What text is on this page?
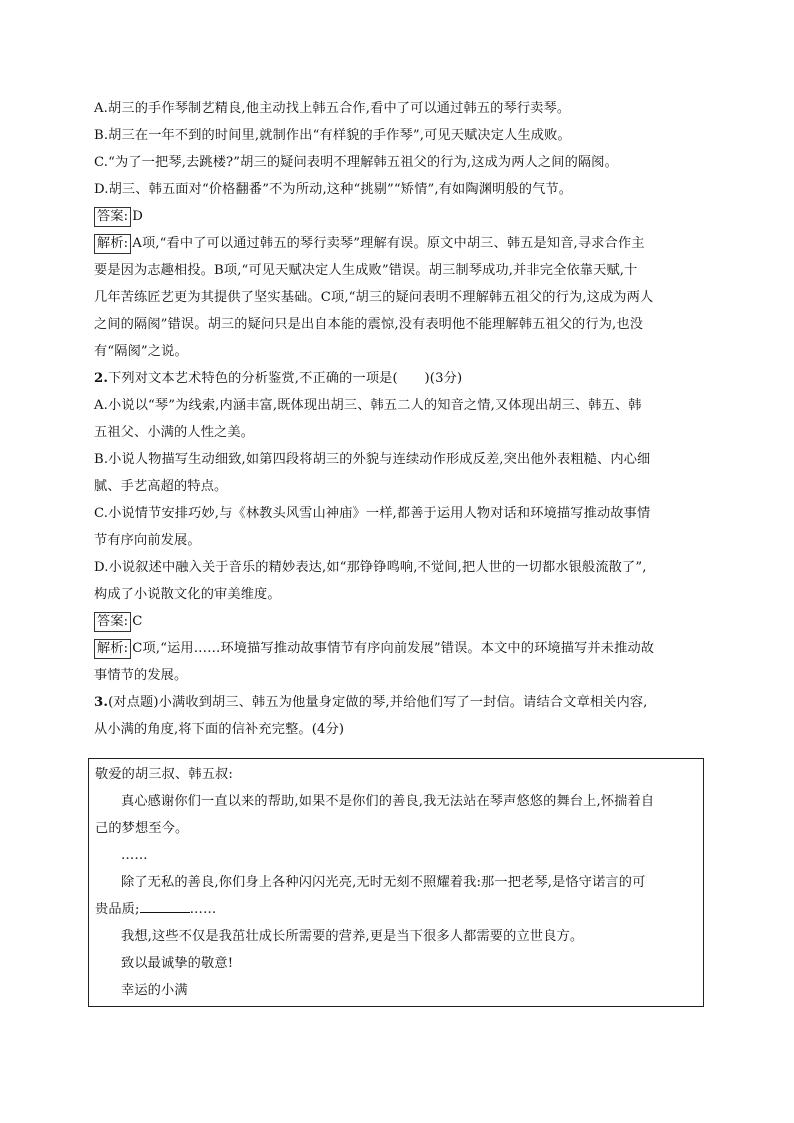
A.胡三的手作琴制艺精良,他主动找上韩五合作,看中了可以通过韩五的琴行卖琴。
B.胡三在一年不到的时间里,就制作出“有样貌的手作琴”,可见天赋决定人生成败。
C.“为了一把琴,去跳楼?”胡三的疑问表明不理解韩五祖父的行为,这成为两人之间的隔阂。
D.胡三、韩五面对“价格翻番”不为所动,这种“挑剔”“矫情”,有如陶渊明般的气节。
答案: D
解析: A项,“看中了可以通过韩五的琴行卖琴”理解有误。原文中胡三、韩五是知音,寻求合作主
要是因为志趣相投。B项,“可见天赋决定人生成败”错误。胡三制琴成功,并非完全依靠天赋,十
几年苦练匠艺更为其提供了坚实基础。C项,“胡三的疑问表明不理解韩五祖父的行为,这成为两人
之间的隔阂”错误。胡三的疑问只是出自本能的震惊,没有表明他不能理解韩五祖父的行为,也没
有“隔阂”之说。
2.下列对文本艺术特色的分析鉴赏,不正确的一项是(　　)(3分)
A.小说以“琴”为线索,内涵丰富,既体现出胡三、韩五二人的知音之情,又体现出胡三、韩五、韩
五祖父、小满的人性之美。
B.小说人物描写生动细致,如第四段将胡三的外貌与连续动作形成反差,突出他外表粗糙、内心细
腻、手艺高超的特点。
C.小说情节安排巧妙,与《林教头风雪山神庙》一样,都善于运用人物对话和环境描写推动故事情
节有序向前发展。
D.小说叙述中融入关于音乐的精妙表达,如“那铮铮鸣响,不觉间,把人世的一切都水银般流散了”,
构成了小说散文化的审美维度。
答案: C
解析: C项,“运用……环境描写推动故事情节有序向前发展”错误。本文中的环境描写并未推动故
事情节的发展。
3.(对点题)小满收到胡三、韩五为他量身定做的琴,并给他们写了一封信。请结合文章相关内容,
从小满的角度,将下面的信补充完整。(4分)
敬爱的胡三叔、韩五叔:
真心感谢你们一直以来的帮助,如果不是你们的善良,我无法站在琴声悠悠的舞台上,怀揣着自
己的梦想至今。
……
除了无私的善良,你们身上各种闪闪光亮,无时无刻不照耀着我:那一把老琴,是恪守诺言的可
贵品质;	……
我想,这些不仅是我茁壮成长所需要的营养,更是当下很多人都需要的立世良方。
致以最诚挚的敬意!
幸运的小满
